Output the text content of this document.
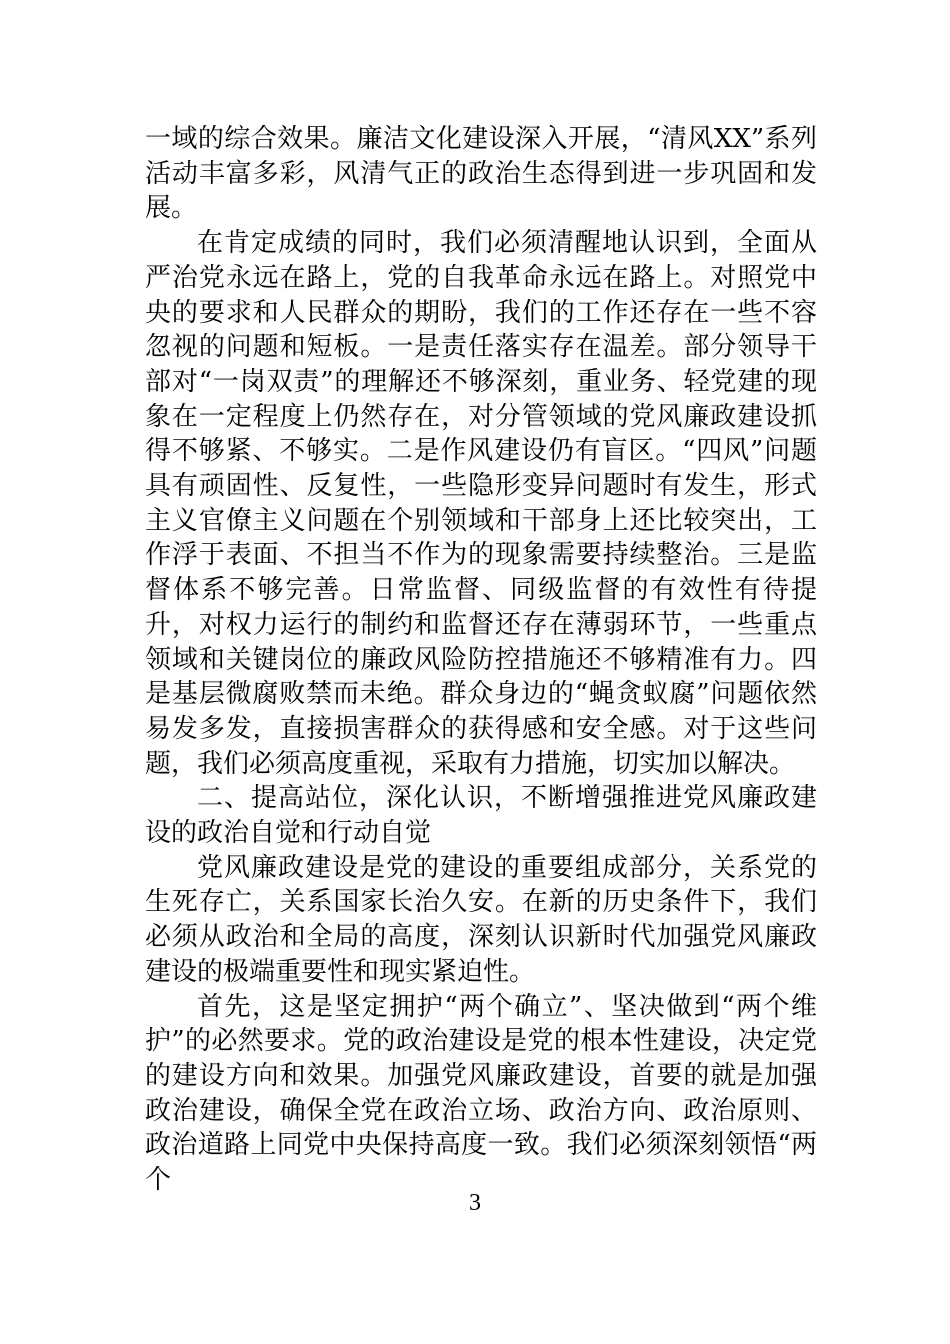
一域的综合效果。廉洁文化建设深入开展，“清风XX”系列活动丰富多彩，风清气正的政治生态得到进一步巩固和发展。

在肯定成绩的同时，我们必须清醒地认识到，全面从严治党永远在路上，党的自我革命永远在路上。对照党中央的要求和人民群众的期盼，我们的工作还存在一些不容忽视的问题和短板。一是责任落实存在温差。部分领导干部对“一岗双责”的理解还不够深刻，重业务、轻党建的现象在一定程度上仍然存在，对分管领域的党风廉政建设抓得不够紧、不够实。二是作风建设仍有盲区。“四风”问题具有顽固性、反复性，一些隐形变异问题时有发生，形式主义官僚主义问题在个别领域和干部身上还比较突出，工作浮于表面、不担当不作为的现象需要持续整治。三是监督体系不够完善。日常监督、同级监督的有效性有待提升，对权力运行的制约和监督还存在薄弱环节，一些重点领域和关键岗位的廉政风险防控措施还不够精准有力。四是基层微腐败禁而未绝。群众身边的“蝇贪蚁腐”问题依然易发多发，直接损害群众的获得感和安全感。对于这些问题，我们必须高度重视，采取有力措施，切实加以解决。

二、提高站位，深化认识，不断增强推进党风廉政建设的政治自觉和行动自觉

党风廉政建设是党的建设的重要组成部分，关系党的生死存亡，关系国家长治久安。在新的历史条件下，我们必须从政治和全局的高度，深刻认识新时代加强党风廉政建设的极端重要性和现实紧迫性。

首先，这是坚定拥护“两个确立”、坚决做到“两个维护”的必然要求。党的政治建设是党的根本性建设，决定党的建设方向和效果。加强党风廉政建设，首要的就是加强政治建设，确保全党在政治立场、政治方向、政治原则、政治道路上同党中央保持高度一致。我们必须深刻领悟“两个

3
